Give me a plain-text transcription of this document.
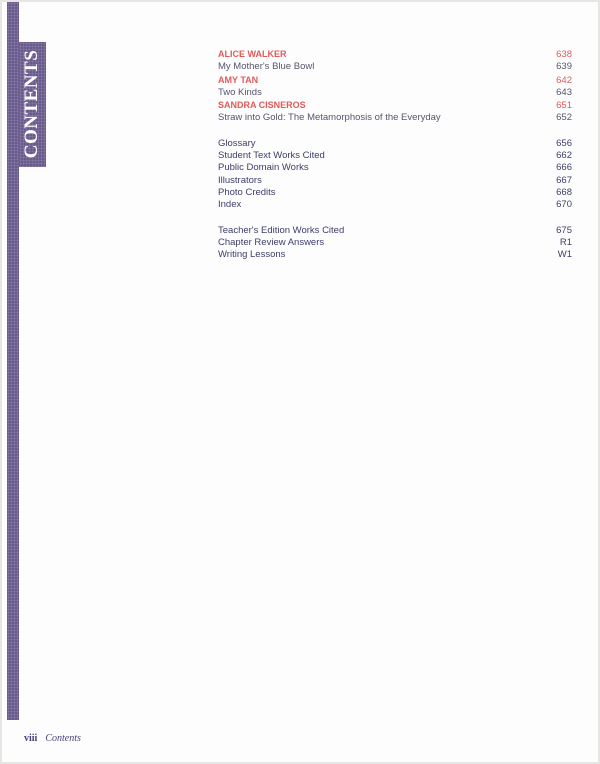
CONTENTS	ALICE WALKER	638
My Mother's Blue Bowl	639
AMY TAN	642
Two Kinds	643
SANDRA CISNEROS	651
Straw into Gold: The Metamorphosis of the Everyday	652
Glossary	656
Student Text Works Cited	662
Public Domain Works	666
Illustrators	667
Photo Credits	668
Index	670
Teacher's Edition Works Cited	675
Chapter Review Answers	R1
Writing Lessons	W1
viii Contents
